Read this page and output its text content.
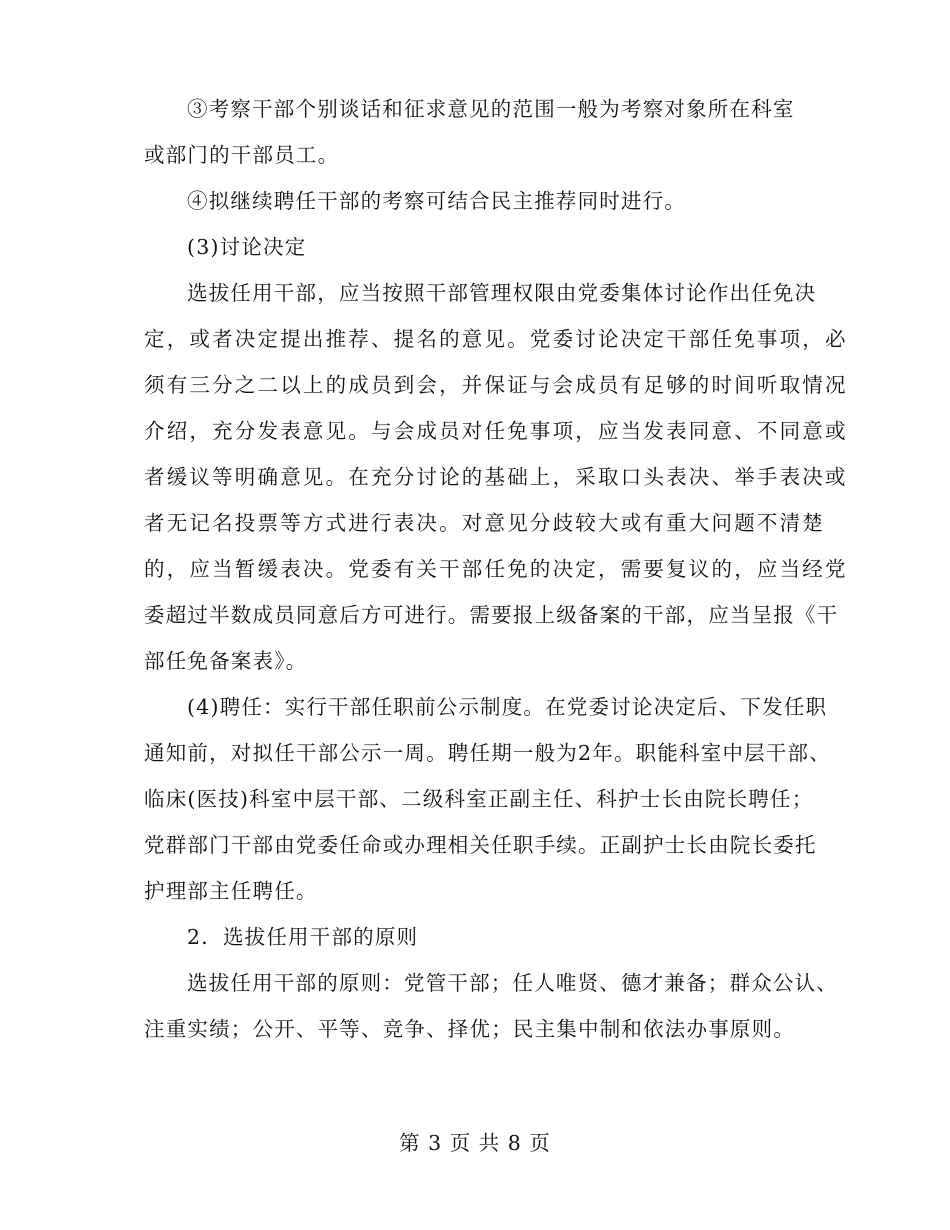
③考察干部个别谈话和征求意见的范围一般为考察对象所在科室
或部门的干部员工。
④拟继续聘任干部的考察可结合民主推荐同时进行。
(3)讨论决定
选拔任用干部，应当按照干部管理权限由党委集体讨论作出任免决
定，或者决定提出推荐、提名的意见。党委讨论决定干部任免事项，必
须有三分之二以上的成员到会，并保证与会成员有足够的时间听取情况
介绍，充分发表意见。与会成员对任免事项，应当发表同意、不同意或
者缓议等明确意见。在充分讨论的基础上，采取口头表决、举手表决或
者无记名投票等方式进行表决。对意见分歧较大或有重大问题不清楚
的，应当暂缓表决。党委有关干部任免的决定，需要复议的，应当经党
委超过半数成员同意后方可进行。需要报上级备案的干部，应当呈报《干
部任免备案表》。
(4)聘任：实行干部任职前公示制度。在党委讨论决定后、下发任职
通知前，对拟任干部公示一周。聘任期一般为2年。职能科室中层干部、
临床(医技)科室中层干部、二级科室正副主任、科护士长由院长聘任；
党群部门干部由党委任命或办理相关任职手续。正副护士长由院长委托
护理部主任聘任。
2．选拔任用干部的原则
选拔任用干部的原则：党管干部；任人唯贤、德才兼备；群众公认、
注重实绩；公开、平等、竞争、择优；民主集中制和依法办事原则。
第 3 页 共 8 页
